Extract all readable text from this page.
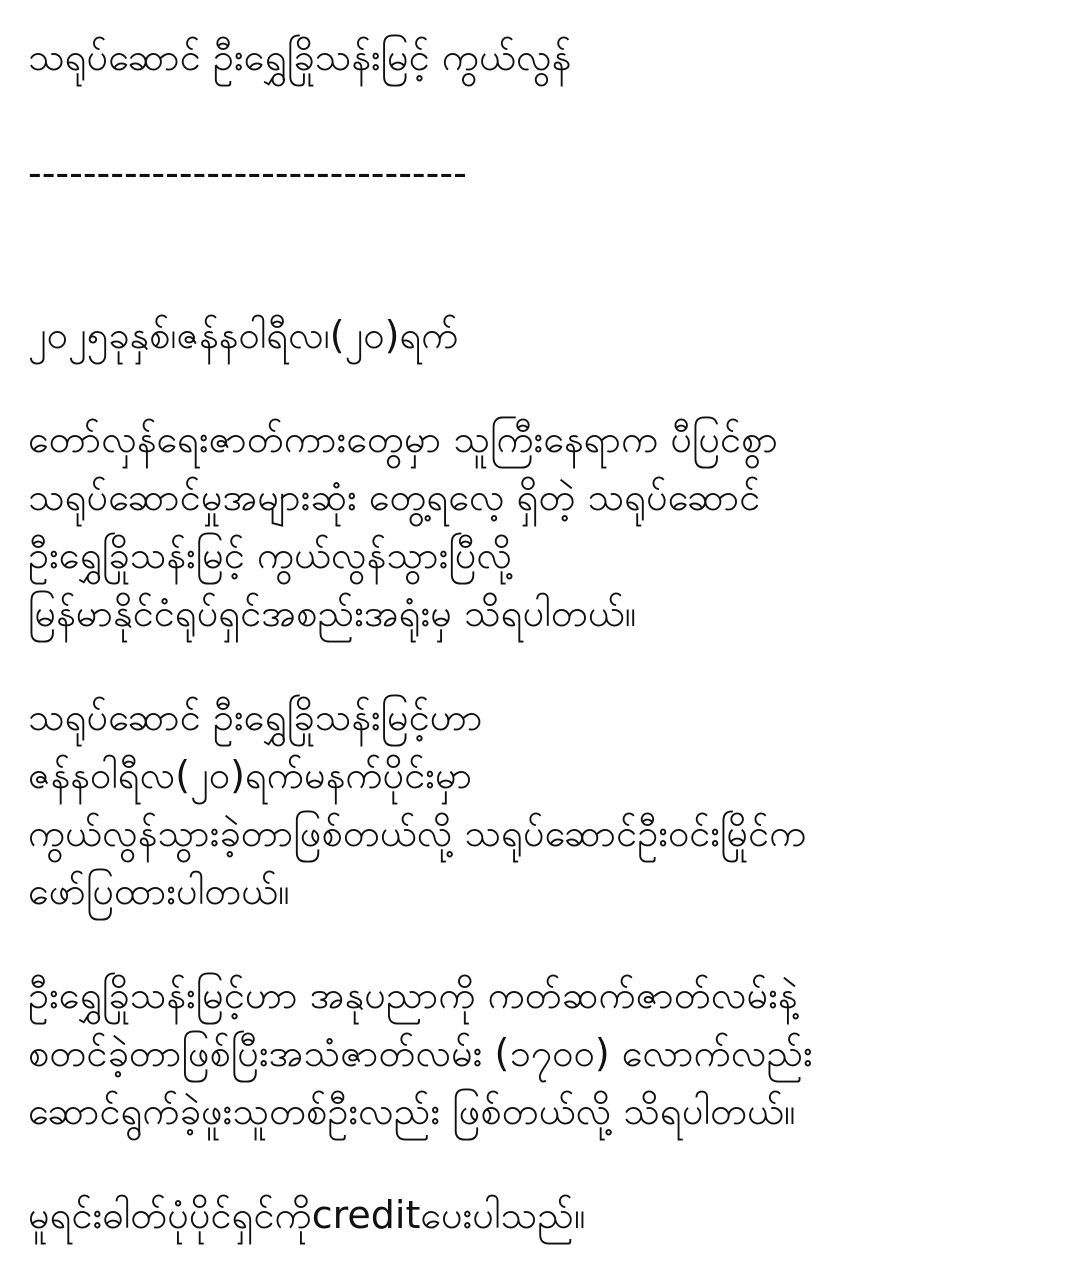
သရုပ်ဆောင် ဦးရွှေခြိုသန်းမြင့် ကွယ်လွန်

--------------------------------

၂၀၂၅ခုနှစ်၊ဇန်နဝါရီလ၊(၂၀)ရက်

တော်လှန်ရေးဇာတ်ကားတွေမှာ သူကြီးနေရာက ပီပြင်စွာ

သရုပ်ဆောင်မှုအများဆုံး တွေ့ရလေ့ ရှိတဲ့ သရုပ်ဆောင်

ဦးရွှေခြိုသန်းမြင့် ကွယ်လွန်သွားပြီလို့

မြန်မာနိုင်ငံရုပ်ရှင်အစည်းအရုံးမှ သိရပါတယ်။

သရုပ်ဆောင် ဦးရွှေခြိုသန်းမြင့်ဟာ

ဇန်နဝါရီလ(၂၀)ရက်မနက်ပိုင်းမှာ

ကွယ်လွန်သွားခဲ့တာဖြစ်တယ်လို့ သရုပ်ဆောင်ဦးဝင်းမြိုင်က

ဖော်ပြထားပါတယ်။

ဦးရွှေခြိုသန်းမြင့်ဟာ အနုပညာကို ကတ်ဆက်ဇာတ်လမ်းနဲ့

စတင်ခဲ့တာဖြစ်ပြီးအသံဇာတ်လမ်း (၁၇၀၀) လောက်လည်း

ဆောင်ရွက်ခဲ့ဖူးသူတစ်ဦးလည်း ဖြစ်တယ်လို့ သိရပါတယ်။

မူရင်းဓါတ်ပုံပိုင်ရှင်ကိုcreditပေးပါသည်။
